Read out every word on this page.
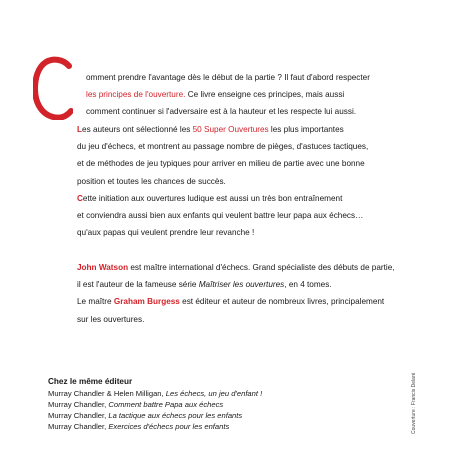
omment prendre l'avantage dès le début de la partie ? Il faut d'abord respecter
les principes de l'ouverture. Ce livre enseigne ces principes, mais aussi
comment continuer si l'adversaire est à la hauteur et les respecte lui aussi.

Les auteurs ont sélectionné les 50 Super Ouvertures les plus importantes
du jeu d'échecs, et montrent au passage nombre de pièges, d'astuces tactiques,
et de méthodes de jeu typiques pour arriver en milieu de partie avec une bonne
position et toutes les chances de succès.

Cette initiation aux ouvertures ludique est aussi un très bon entraînement
et conviendra aussi bien aux enfants qui veulent battre leur papa aux échecs…
qu'aux papas qui veulent prendre leur revanche !

John Watson est maître international d'échecs. Grand spécialiste des débuts de partie,
il est l'auteur de la fameuse série Maîtriser les ouvertures, en 4 tomes.
Le maître Graham Burgess est éditeur et auteur de nombreux livres, principalement
sur les ouvertures.

Chez le même éditeur

Murray Chandler & Helen Milligan, Les échecs, un jeu d'enfant !
Murray Chandler, Comment battre Papa aux échecs
Murray Chandler, La tactique aux échecs pour les enfants
Murray Chandler, Exercices d'échecs pour les enfants	Couverture : Francis Delaré
